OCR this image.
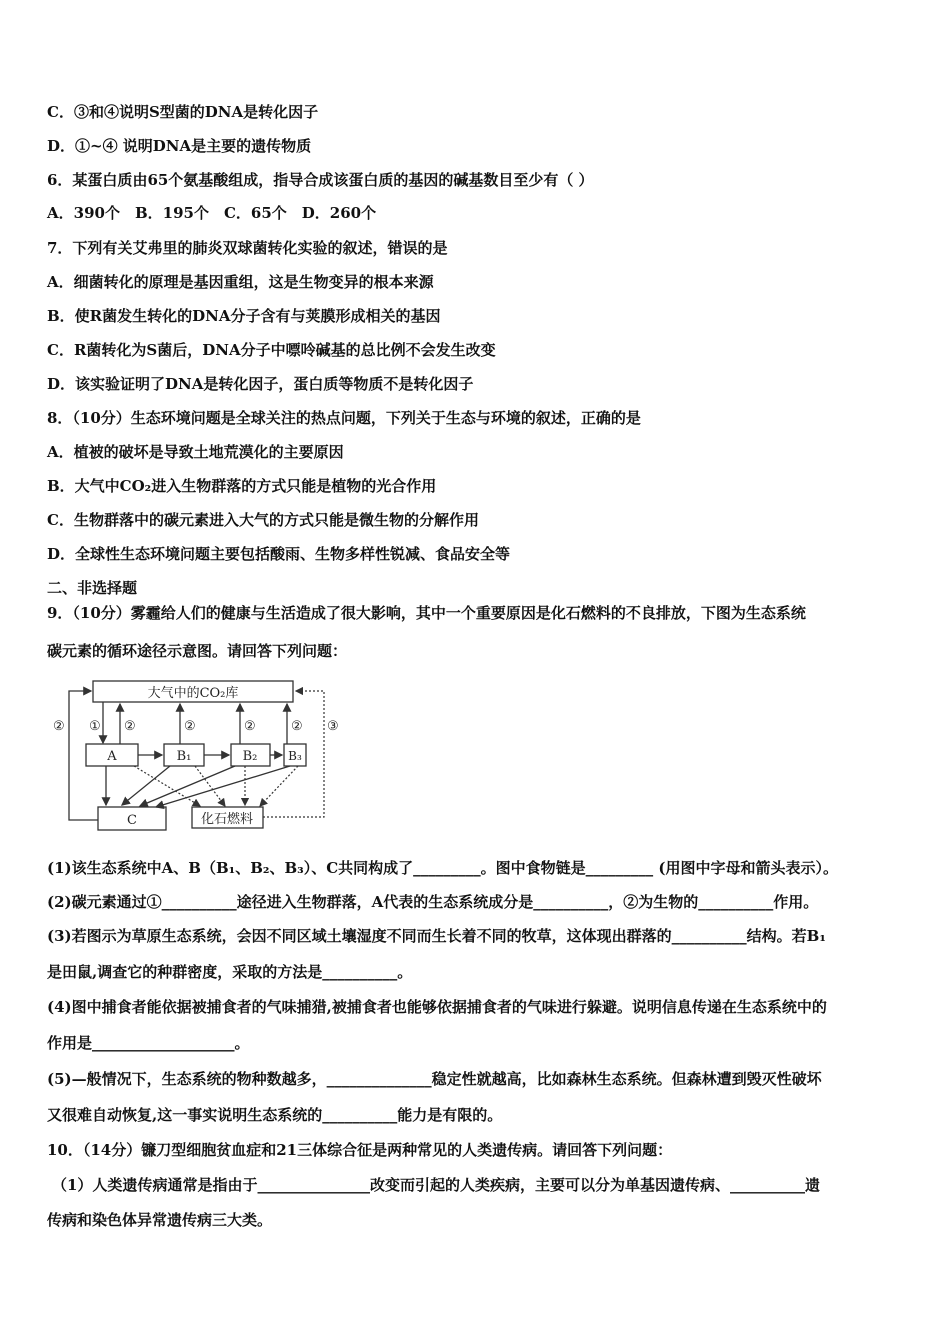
C．③和④说明S型菌的DNA是转化因子
D．①~④ 说明DNA是主要的遗传物质
6．某蛋白质由65个氨基酸组成，指导合成该蛋白质的基因的碱基数目至少有（ ）
A．390个　B．195个　C．65个　D．260个
7．下列有关艾弗里的肺炎双球菌转化实验的叙述，错误的是
A．细菌转化的原理是基因重组，这是生物变异的根本来源
B．使R菌发生转化的DNA分子含有与荚膜形成相关的基因
C．R菌转化为S菌后，DNA分子中嘌呤碱基的总比例不会发生改变
D．该实验证明了DNA是转化因子，蛋白质等物质不是转化因子
8．（10分）生态环境问题是全球关注的热点问题，下列关于生态与环境的叙述，正确的是
A．植被的破坏是导致土地荒漠化的主要原因
B．大气中CO₂进入生物群落的方式只能是植物的光合作用
C．生物群落中的碳元素进入大气的方式只能是微生物的分解作用
D．全球性生态环境问题主要包括酸雨、生物多样性锐减、食品安全等
二、非选择题
9．（10分）雾霾给人们的健康与生活造成了很大影响，其中一个重要原因是化石燃料的不良排放，下图为生态系统
碳元素的循环途径示意图。请回答下列问题：
大气中的CO₂库
A	B₁	B₂	B₃
C	化石燃料
② ① ②	②	②	② ③
(1)该生态系统中A、B（B₁、B₂、B₃）、C共同构成了_________。图中食物链是_________ (用图中字母和箭头表示）。
(2)碳元素通过①__________途径进入生物群落，A代表的生态系统成分是__________，②为生物的__________作用。
(3)若图示为草原生态系统，会因不同区域土壤湿度不同而生长着不同的牧草，这体现出群落的__________结构。若B₁
是田鼠,调查它的种群密度，采取的方法是__________。
(4)图中捕食者能依据被捕食者的气味捕猎,被捕食者也能够依据捕食者的气味进行躲避。说明信息传递在生态系统中的
作用是___________________。
(5)—般情况下，生态系统的物种数越多，______________稳定性就越高，比如森林生态系统。但森林遭到毁灭性破坏
又很难自动恢复,这一事实说明生态系统的__________能力是有限的。
10．（14分）镰刀型细胞贫血症和21三体综合征是两种常见的人类遗传病。请回答下列问题：
（1）人类遗传病通常是指由于_______________改变而引起的人类疾病，主要可以分为单基因遗传病、__________遗
传病和染色体异常遗传病三大类。
